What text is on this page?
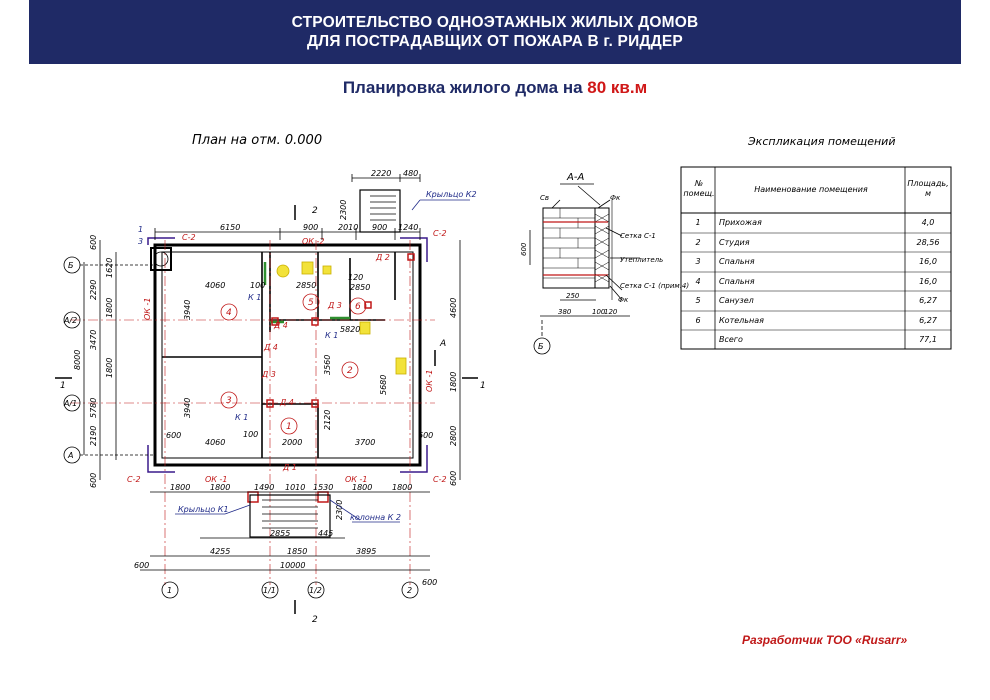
СТРОИТЕЛЬСТВО ОДНОЭТАЖНЫХ ЖИЛЫХ ДОМОВ
ДЛЯ ПОСТРАДАВЩИХ ОТ ПОЖАРА В г. РИДДЕР
Планировка жилого дома на 80 кв.м
План на отм. 0.000
1
2
3
4
5	6
Д 2
Д 3
Д 4
Д 4
Д 3
Д 4
Д 1
ОК -2
ОК -1	ОК -1
ОК -1
ОК -1
С-2	С-2
С-2	С-2
К 1
К 1
К 1
1
3
4060	100	2850
120
2850
3940
5820
3560
5680
3940
4060
100
2000
2120
3700
600	600
2300
2300
6150	900 2010 900 1240
2220 480
Крыльцо К2
2
2
1	1
А
600
1620
2290
1800
3470
8000	1800
5780
2190
600
Б
А/2
А/1
А
4600
1800
2800
600
Крыльцо К1
колонна К 2
1800 1800	1490 1010 1530 1800 1800
2855	445
4255	1850	3895
10000
600
600
1	1/1	1/2	2
А-А
Св	Фк
Сетка С-1
Утеплитель
Сетка С-1 (прим.4)
Фк
600
250
380	100
120
Б
Экспликация помещений
№ помещ.	Наименование помещения
Площадь, м
1	Прихожая	4,0
2	Студия	28,56
3	Спальня	16,0
4	Спальня	16,0
5	Санузел	6,27
6	Котельная	6,27
Всего	77,1
Разработчик ТОО «Rusarr»
